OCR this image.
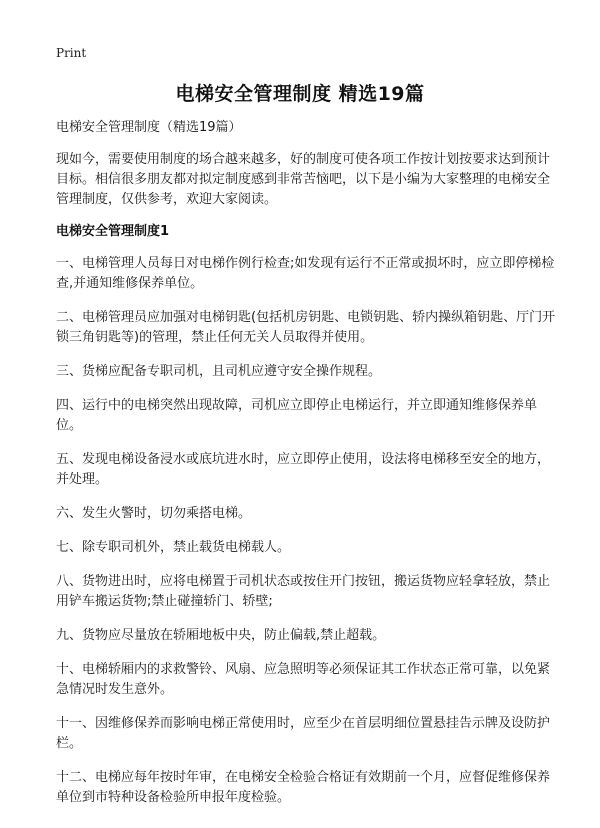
Print
电梯安全管理制度 精选19篇

电梯安全管理制度（精选19篇）

现如今，需要使用制度的场合越来越多，好的制度可使各项工作按计划按要求达到预计目标。相信很多朋友都对拟定制度感到非常苦恼吧，以下是小编为大家整理的电梯安全管理制度，仅供参考，欢迎大家阅读。

电梯安全管理制度1

一、电梯管理人员每日对电梯作例行检查;如发现有运行不正常或损坏时，应立即停梯检查,并通知维修保养单位。

二、电梯管理员应加强对电梯钥匙(包括机房钥匙、电锁钥匙、轿内操纵箱钥匙、厅门开锁三角钥匙等)的管理，禁止任何无关人员取得并使用。

三、货梯应配备专职司机，且司机应遵守安全操作规程。

四、运行中的电梯突然出现故障，司机应立即停止电梯运行，并立即通知维修保养单位。

五、发现电梯设备浸水或底坑进水时，应立即停止使用，设法将电梯移至安全的地方，并处理。

六、发生火警时，切勿乘搭电梯。

七、除专职司机外，禁止载货电梯载人。

八、货物进出时，应将电梯置于司机状态或按住开门按钮，搬运货物应轻拿轻放，禁止用铲车搬运货物;禁止碰撞轿门、轿壁;

九、货物应尽量放在轿厢地板中央，防止偏载,禁止超载。

十、电梯轿厢内的求救警铃、风扇、应急照明等必须保证其工作状态正常可靠，以免紧急情况时发生意外。

十一、因维修保养而影响电梯正常使用时，应至少在首层明细位置悬挂告示牌及设防护栏。

十二、电梯应每年按时年审，在电梯安全检验合格证有效期前一个月，应督促维修保养单位到市特种设备检验所申报年度检验。
